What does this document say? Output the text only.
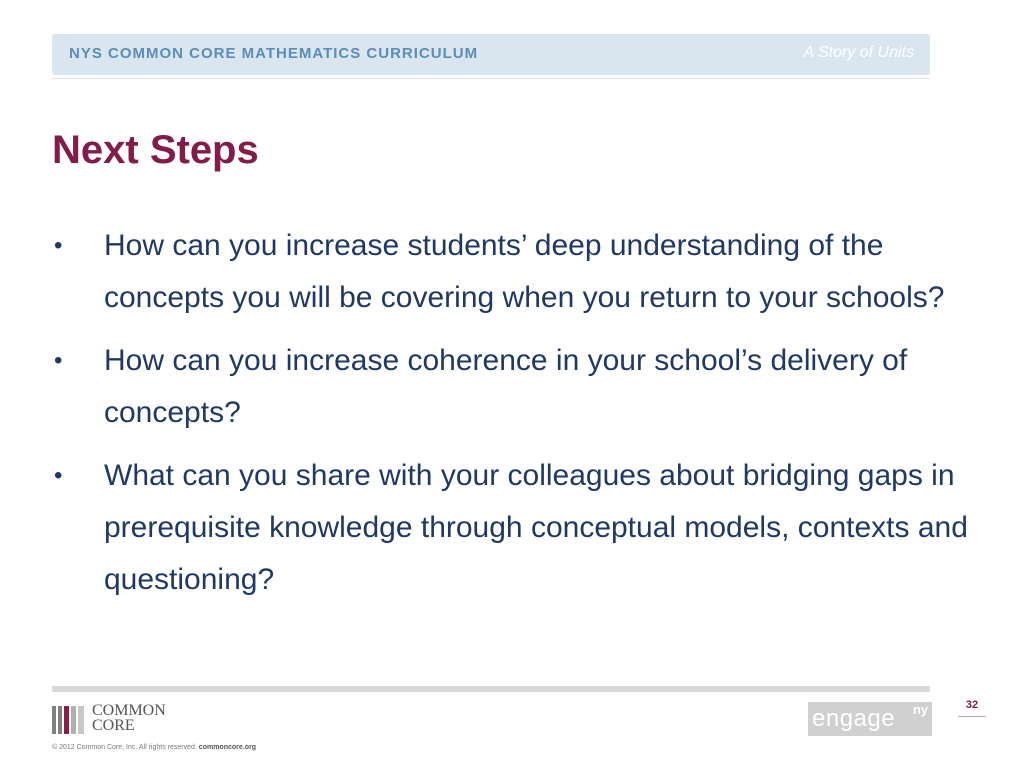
NYS COMMON CORE MATHEMATICS CURRICULUM	A Story of Units
Next Steps
• How can you increase students’ deep understanding of the concepts you will be covering when you return to your schools?
• How can you increase coherence in your school’s delivery of concepts?
• What can you share with your colleagues about bridging gaps in prerequisite knowledge through conceptual models, contexts and questioning?
COMMON
CORE
© 2012 Common Core, Inc. All rights reserved. commoncore.org
engage ny	32
